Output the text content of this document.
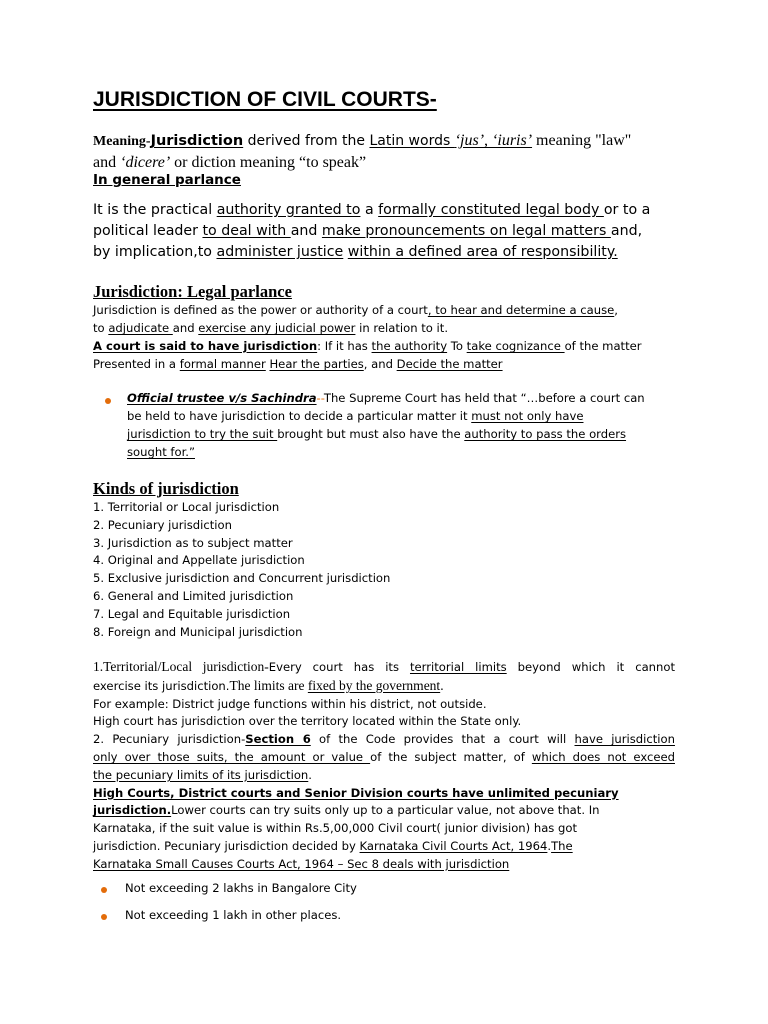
JURISDICTION OF CIVIL COURTS-
Meaning-Jurisdiction derived from the Latin words ‘jus’, ‘iuris’ meaning "law"
and ‘dicere’ or diction meaning “to speak”
In general parlance
It is the practical authority granted to a formally constituted legal body or to a
political leader to deal with and make pronouncements on legal matters and,
by implication,to administer justice within a defined area of responsibility.
Jurisdiction: Legal parlance
Jurisdiction is defined as the power or authority of a court, to hear and determine a cause,
to adjudicate and exercise any judicial power in relation to it.
A court is said to have jurisdiction: If it has the authority To take cognizance of the matter
Presented in a formal manner Hear the parties, and Decide the matter
Official trustee v/s Sachindra--The Supreme Court has held that “…before a court can
be held to have jurisdiction to decide a particular matter it must not only have
jurisdiction to try the suit brought but must also have the authority to pass the orders
sought for.”
Kinds of jurisdiction
1. Territorial or Local jurisdiction
2. Pecuniary jurisdiction
3. Jurisdiction as to subject matter
4. Original and Appellate jurisdiction
5. Exclusive jurisdiction and Concurrent jurisdiction
6. General and Limited jurisdiction
7. Legal and Equitable jurisdiction
8. Foreign and Municipal jurisdiction
1.Territorial/Local jurisdiction-Every court has its territorial limits beyond which it cannot
exercise its jurisdiction.The limits are fixed by the government.
For example: District judge functions within his district, not outside.
High court has jurisdiction over the territory located within the State only.
2. Pecuniary jurisdiction-Section 6 of the Code provides that a court will have jurisdiction
only over those suits, the amount or value of the subject matter, of which does not exceed
the pecuniary limits of its jurisdiction.
High Courts, District courts and Senior Division courts have unlimited pecuniary
jurisdiction.Lower courts can try suits only up to a particular value, not above that. In
Karnataka, if the suit value is within Rs.5,00,000 Civil court( junior division) has got
jurisdiction. Pecuniary jurisdiction decided by Karnataka Civil Courts Act, 1964.The
Karnataka Small Causes Courts Act, 1964 – Sec 8 deals with jurisdiction
Not exceeding 2 lakhs in Bangalore City
Not exceeding 1 lakh in other places.
